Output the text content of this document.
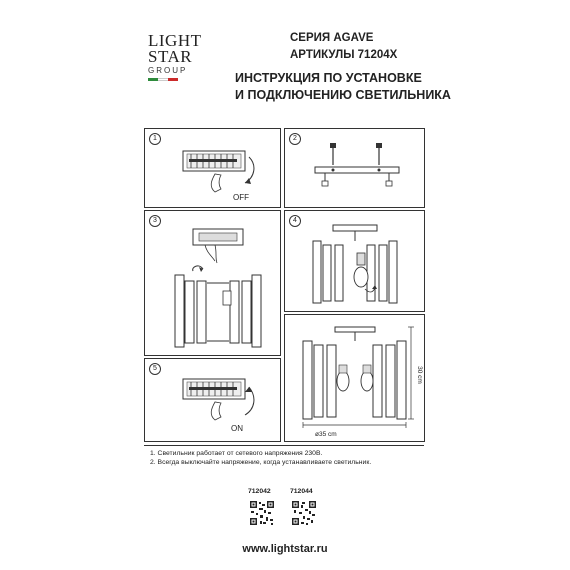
LIGHT
STAR
GROUP
СЕРИЯ AGAVE
АРТИКУЛЫ 71204X
ИНСТРУКЦИЯ ПО УСТАНОВКЕ
И ПОДКЛЮЧЕНИЮ СВЕТИЛЬНИКА
1
OFF
2
3	4
30 cm
ø35 cm
5
ON
1. Светильник работает от сетевого напряжения 230В.
2. Всегда выключайте напряжение, когда устанавливаете светильник.
712042	712044
www.lightstar.ru
